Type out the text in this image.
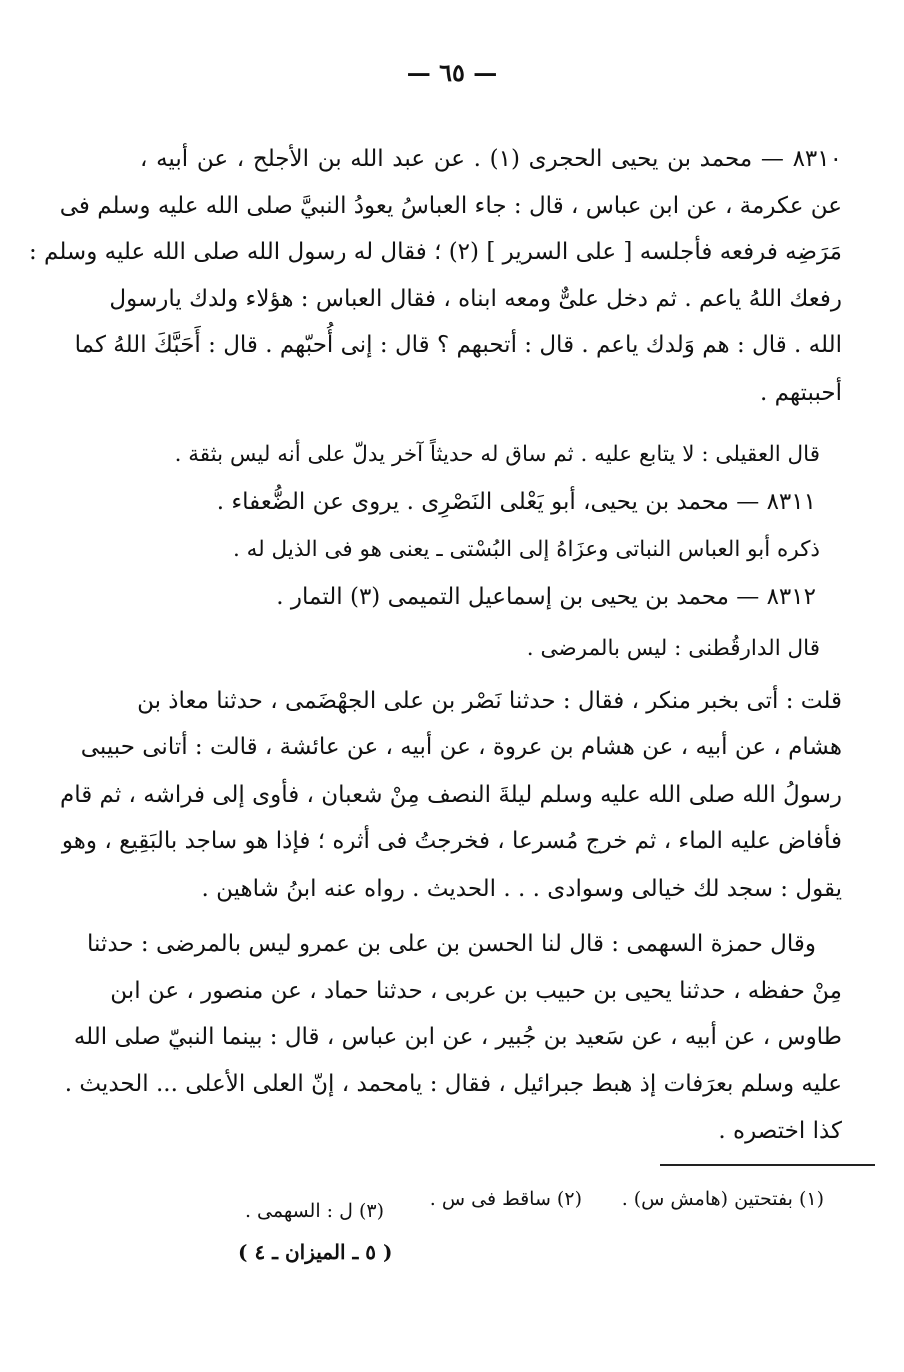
— ٦٥ —
٨٣١٠ — محمد بن يحيى الحجرى (١) . عن عبد الله بن الأجلح ، عن أبيه ،
عن عكرمة ، عن ابن عباس ، قال : جاء العباسُ يعودُ النبيَّ صلى الله عليه وسلم فى
مَرَضِه فرفعه فأجلسه [ على السرير ] (٢) ؛ فقال له رسول الله صلى الله عليه وسلم :
رفعك اللهُ ياعم . ثم دخل علىٌّ ومعه ابناه ، فقال العباس : هؤلاء ولدك يارسول
الله . قال : هم وَلدك ياعم . قال : أتحبهم ؟ قال : إنى أُحبّهم . قال : أَحَبَّكَ اللهُ كما
أحببتهم .
قال العقيلى : لا يتابع عليه . ثم ساق له حديثاً آخر يدلّ على أنه ليس بثقة .
٨٣١١ — محمد بن يحيى، أبو يَعْلى النَصْرِى . يروى عن الضُّعفاء .
ذكره أبو العباس النباتى وعزَاهُ إلى البُسْتى ـ يعنى هو فى الذيل له .
٨٣١٢ — محمد بن يحيى بن إسماعيل التميمى (٣) التمار .
قال الدارقُطنى : ليس بالمرضى .
قلت : أتى بخبر منكر ، فقال : حدثنا نَصْر بن على الجهْضَمى ، حدثنا معاذ بن
هشام ، عن أبيه ، عن هشام بن عروة ، عن أبيه ، عن عائشة ، قالت : أتانى حبيبى
رسولُ الله صلى الله عليه وسلم ليلةَ النصف مِنْ شعبان ، فأوى إلى فراشه ، ثم قام
فأفاض عليه الماء ، ثم خرج مُسرعا ، فخرجتُ فى أثره ؛ فإذا هو ساجد بالبَقِيع ، وهو
يقول : سجد لك خيالى وسوادى . . . الحديث . رواه عنه ابنُ شاهين .
وقال حمزة السهمى : قال لنا الحسن بن على بن عمرو ليس بالمرضى : حدثنا
مِنْ حفظه ، حدثنا يحيى بن حبيب بن عربى ، حدثنا حماد ، عن منصور ، عن ابن
طاوس ، عن أبيه ، عن سَعيد بن جُبير ، عن ابن عباس ، قال : بينما النبيّ صلى الله
عليه وسلم بعرَفات إذ هبط جبرائيل ، فقال : يامحمد ، إنّ العلى الأعلى ... الحديث .
كذا اختصره .
(١) بفتحتين (هامش س) .
(٢) ساقط فى س .
(٣) ل : السهمى .
( ٥ ـ الميزان ـ ٤ )
